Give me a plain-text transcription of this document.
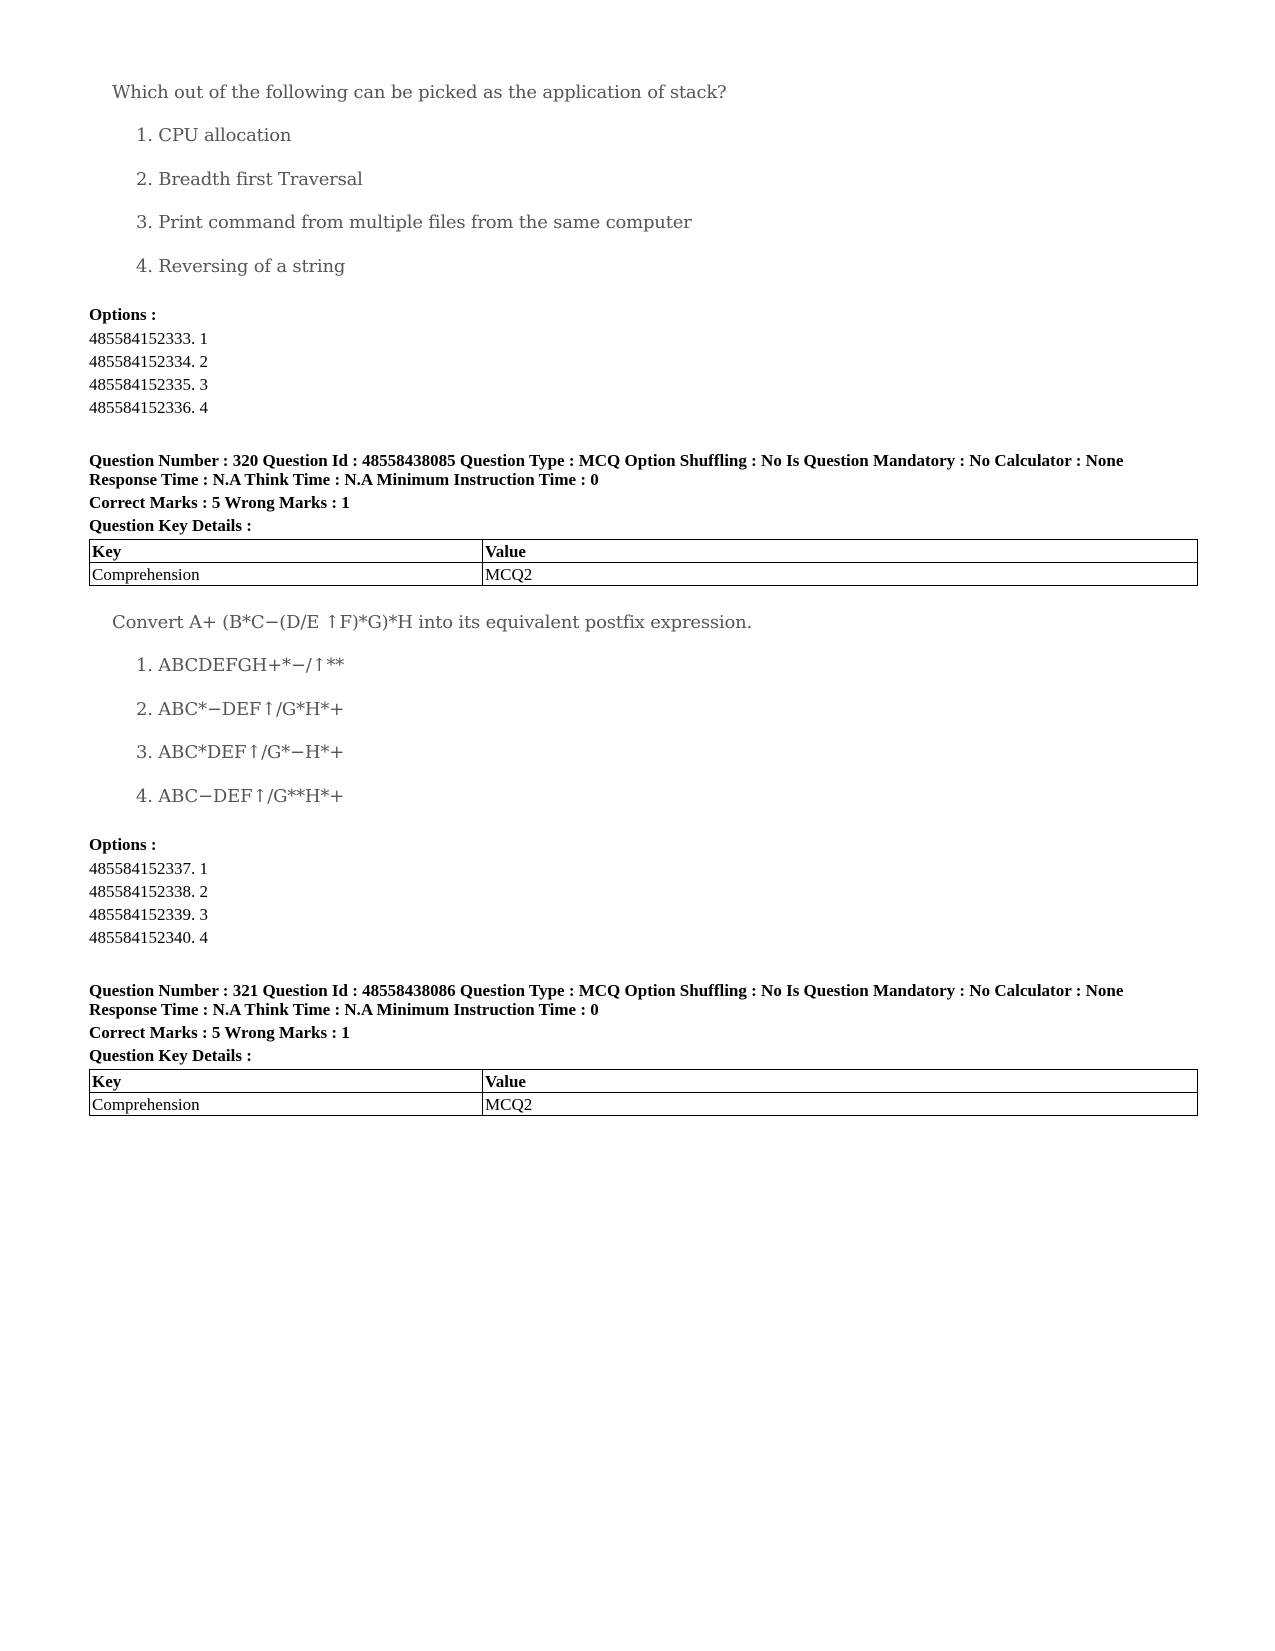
Which out of the following can be picked as the application of stack?
1. CPU allocation
2. Breadth first Traversal
3. Print command from multiple files from the same computer
4. Reversing of a string
Options :
485584152333. 1
485584152334. 2
485584152335. 3
485584152336. 4
Question Number : 320 Question Id : 48558438085 Question Type : MCQ Option Shuffling : No Is Question Mandatory : No Calculator : None
Response Time : N.A Think Time : N.A Minimum Instruction Time : 0
Correct Marks : 5 Wrong Marks : 1
Question Key Details :
Key	Value
Comprehension	MCQ2
Convert A+ (B*C−(D/E ↑F)*G)*H into its equivalent postfix expression.
1. ABCDEFGH+*−/↑**
2. ABC*−DEF↑/G*H*+
3. ABC*DEF↑/G*−H*+
4. ABC−DEF↑/G**H*+
Options :
485584152337. 1
485584152338. 2
485584152339. 3
485584152340. 4
Question Number : 321 Question Id : 48558438086 Question Type : MCQ Option Shuffling : No Is Question Mandatory : No Calculator : None
Response Time : N.A Think Time : N.A Minimum Instruction Time : 0
Correct Marks : 5 Wrong Marks : 1
Question Key Details :
Key	Value
Comprehension	MCQ2
